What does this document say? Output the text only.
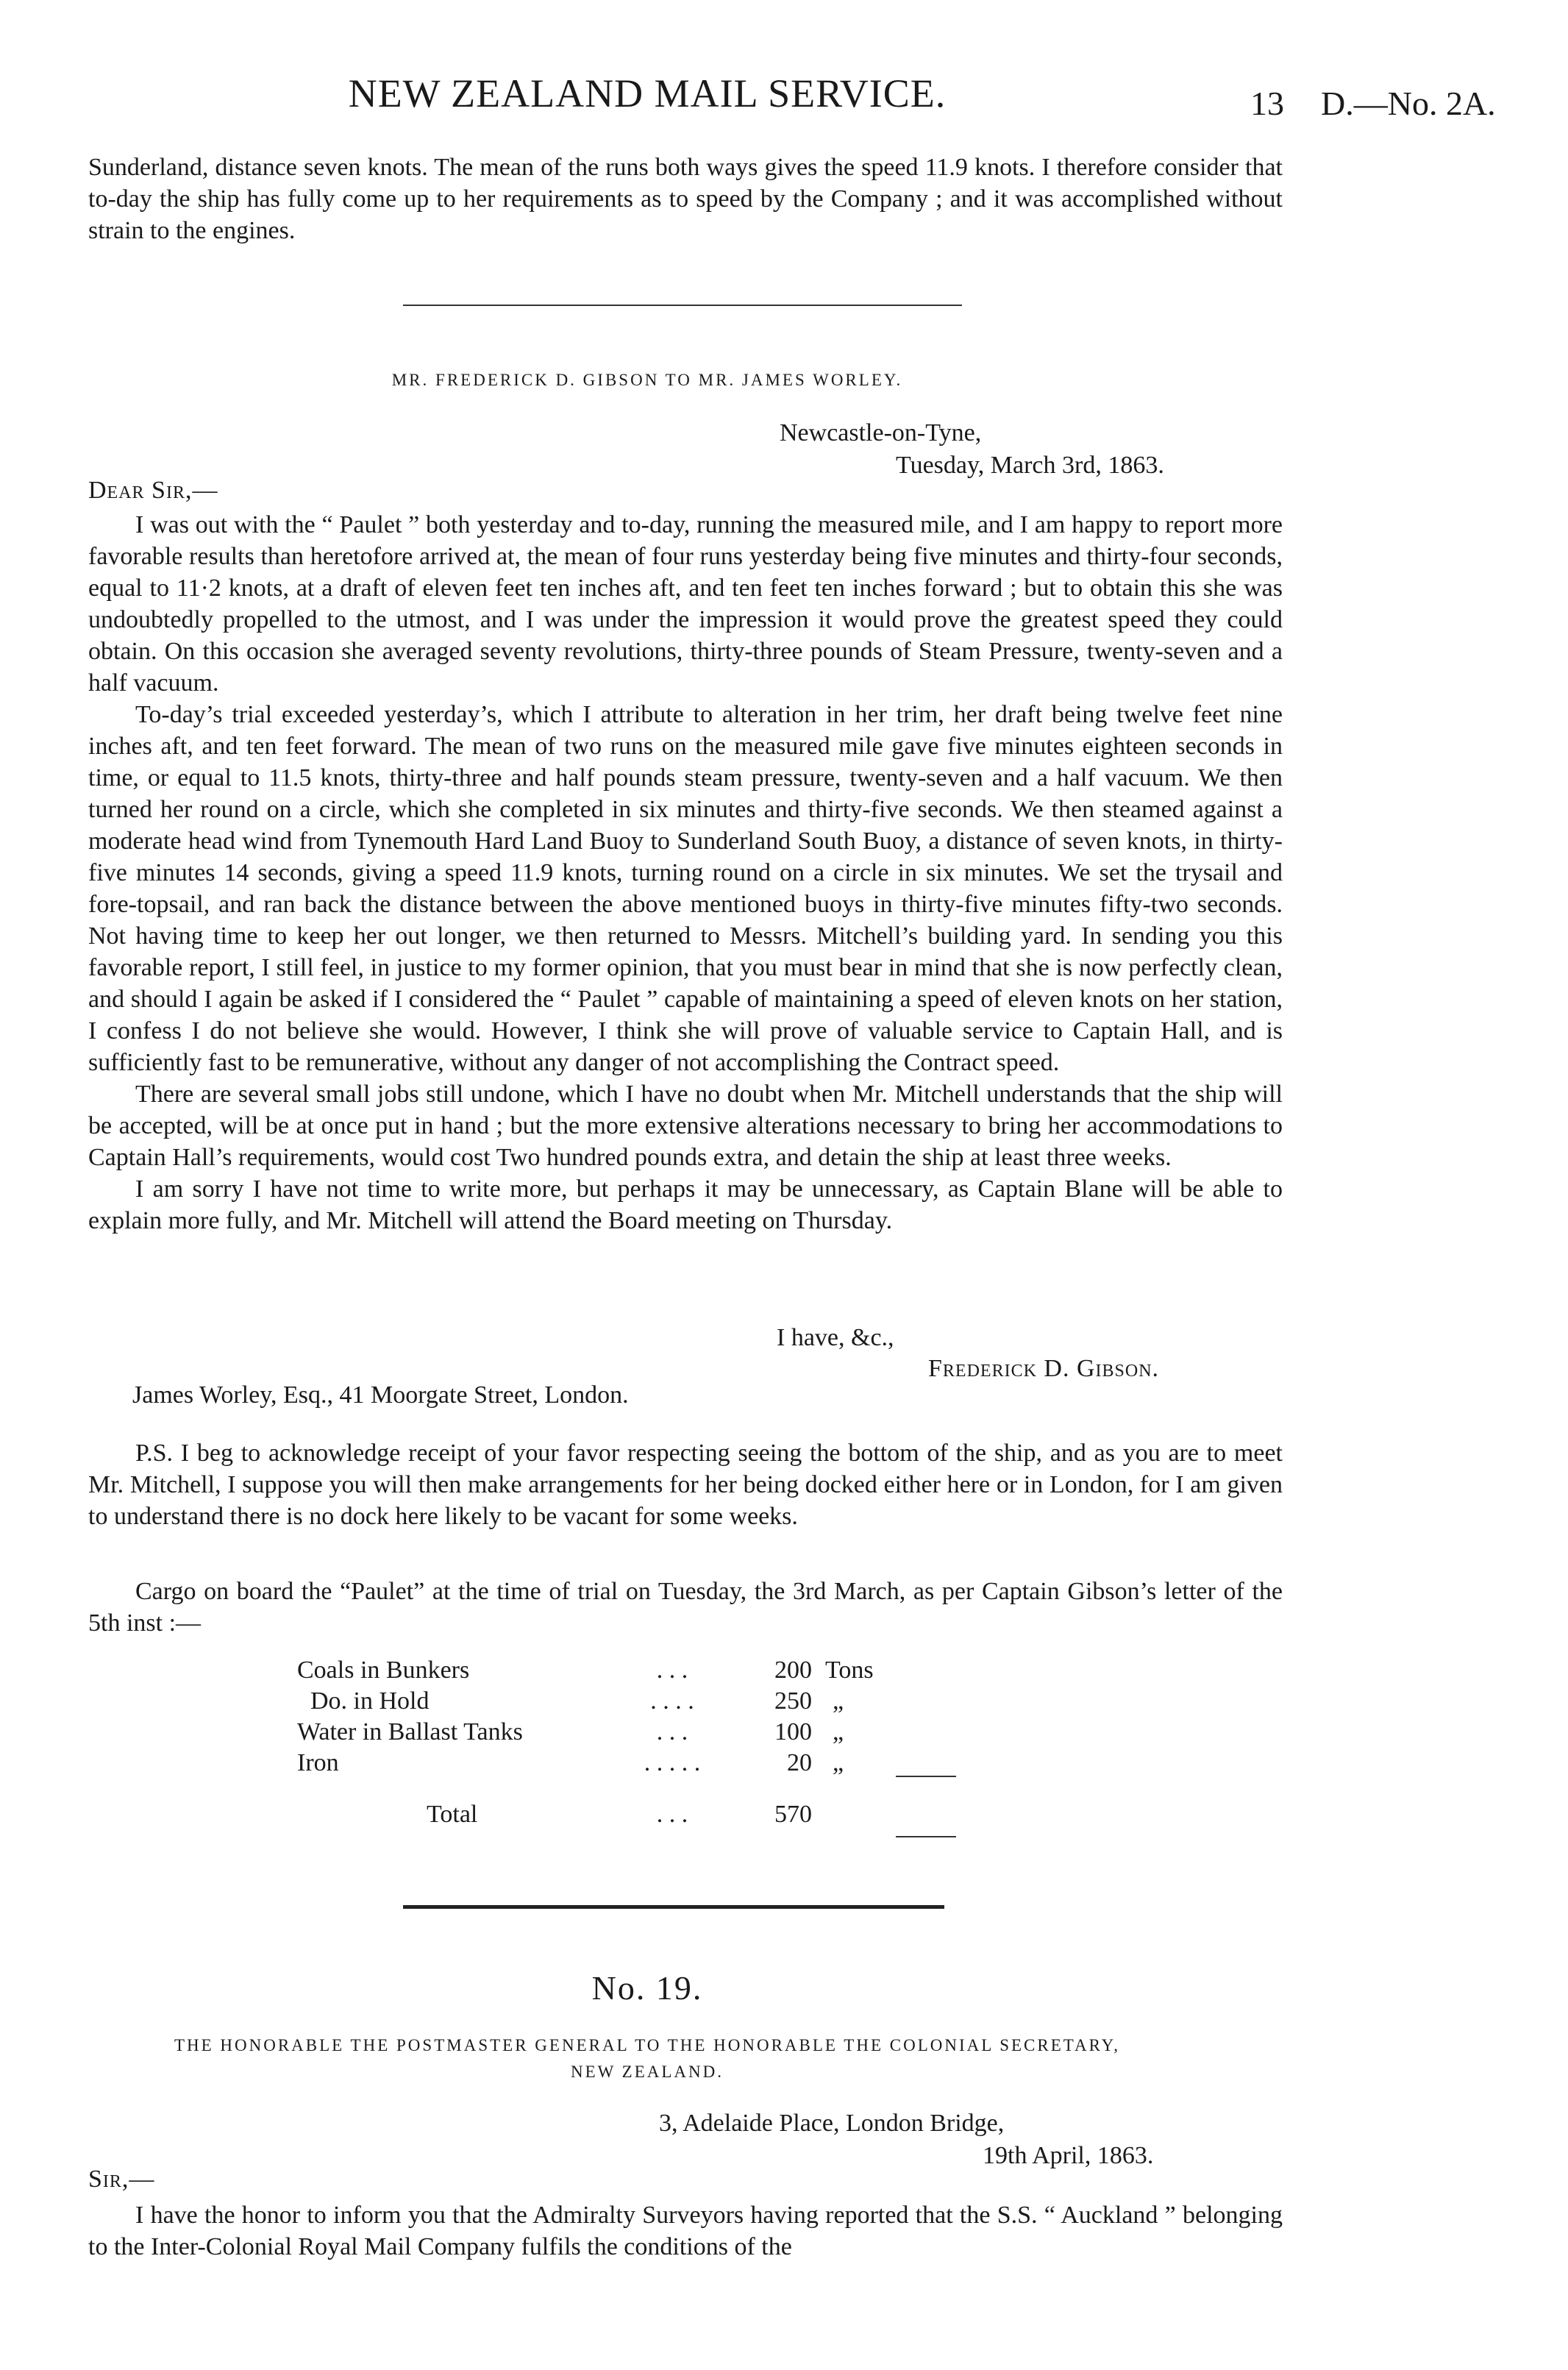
NEW ZEALAND MAIL SERVICE.	13 D.—No. 2A.

Sunderland, distance seven knots. The mean of the runs both ways gives the speed 11.9 knots. I therefore consider that to-day the ship has fully come up to her requirements as to speed by the Company ; and it was accomplished without strain to the engines.

MR. FREDERICK D. GIBSON TO MR. JAMES WORLEY.
Newcastle-on-Tyne,
Tuesday, March 3rd, 1863.
Dear Sir,—

I was out with the “ Paulet ” both yesterday and to-day, running the measured mile, and I am happy to report more favorable results than heretofore arrived at, the mean of four runs yesterday being five minutes and thirty-four seconds, equal to 11·2 knots, at a draft of eleven feet ten inches aft, and ten feet ten inches forward ; but to obtain this she was undoubtedly propelled to the utmost, and I was under the impression it would prove the greatest speed they could obtain. On this occasion she averaged seventy revolutions, thirty-three pounds of Steam Pressure, twenty-seven and a half vacuum.

To-day’s trial exceeded yesterday’s, which I attribute to alteration in her trim, her draft being twelve feet nine inches aft, and ten feet forward. The mean of two runs on the measured mile gave five minutes eighteen seconds in time, or equal to 11.5 knots, thirty-three and half pounds steam pressure, twenty-seven and a half vacuum. We then turned her round on a circle, which she completed in six minutes and thirty-five seconds. We then steamed against a moderate head wind from Tynemouth Hard Land Buoy to Sunderland South Buoy, a distance of seven knots, in thirty-five minutes 14 seconds, giving a speed 11.9 knots, turning round on a circle in six minutes. We set the trysail and fore-topsail, and ran back the distance between the above mentioned buoys in thirty-five minutes fifty-two seconds. Not having time to keep her out longer, we then returned to Messrs. Mitchell’s building yard. In sending you this favorable report, I still feel, in justice to my former opinion, that you must bear in mind that she is now perfectly clean, and should I again be asked if I considered the “ Paulet ” capable of maintaining a speed of eleven knots on her station, I confess I do not believe she would. However, I think she will prove of valuable service to Captain Hall, and is sufficiently fast to be remunerative, without any danger of not accomplishing the Contract speed.

There are several small jobs still undone, which I have no doubt when Mr. Mitchell understands that the ship will be accepted, will be at once put in hand ; but the more extensive alterations necessary to bring her accommodations to Captain Hall’s requirements, would cost Two hundred pounds extra, and detain the ship at least three weeks.

I am sorry I have not time to write more, but perhaps it may be unnecessary, as Captain Blane will be able to explain more fully, and Mr. Mitchell will attend the Board meeting on Thursday.

I have, &c.,
Frederick D. Gibson.
James Worley, Esq., 41 Moorgate Street, London.

P.S. I beg to acknowledge receipt of your favor respecting seeing the bottom of the ship, and as you are to meet Mr. Mitchell, I suppose you will then make arrangements for her being docked either here or in London, for I am given to understand there is no dock here likely to be vacant for some weeks.

Cargo on board the “Paulet” at the time of trial on Tuesday, the 3rd March, as per Captain Gibson’s letter of the 5th inst :—

Coals in Bunkers	. . .	200	Tons
Do. in Hold	. . . .	250	„
Water in Ballast Tanks	. . .	100	„
Iron	. . . . .	20	„

Total	. . .	570	
No. 19.
THE HONORABLE THE POSTMASTER GENERAL TO THE HONORABLE THE COLONIAL SECRETARY,
NEW ZEALAND.
3, Adelaide Place, London Bridge,
19th April, 1863.
Sir,—

I have the honor to inform you that the Admiralty Surveyors having reported that the S.S. “ Auckland ” belonging to the Inter-Colonial Royal Mail Company fulfils the conditions of the
